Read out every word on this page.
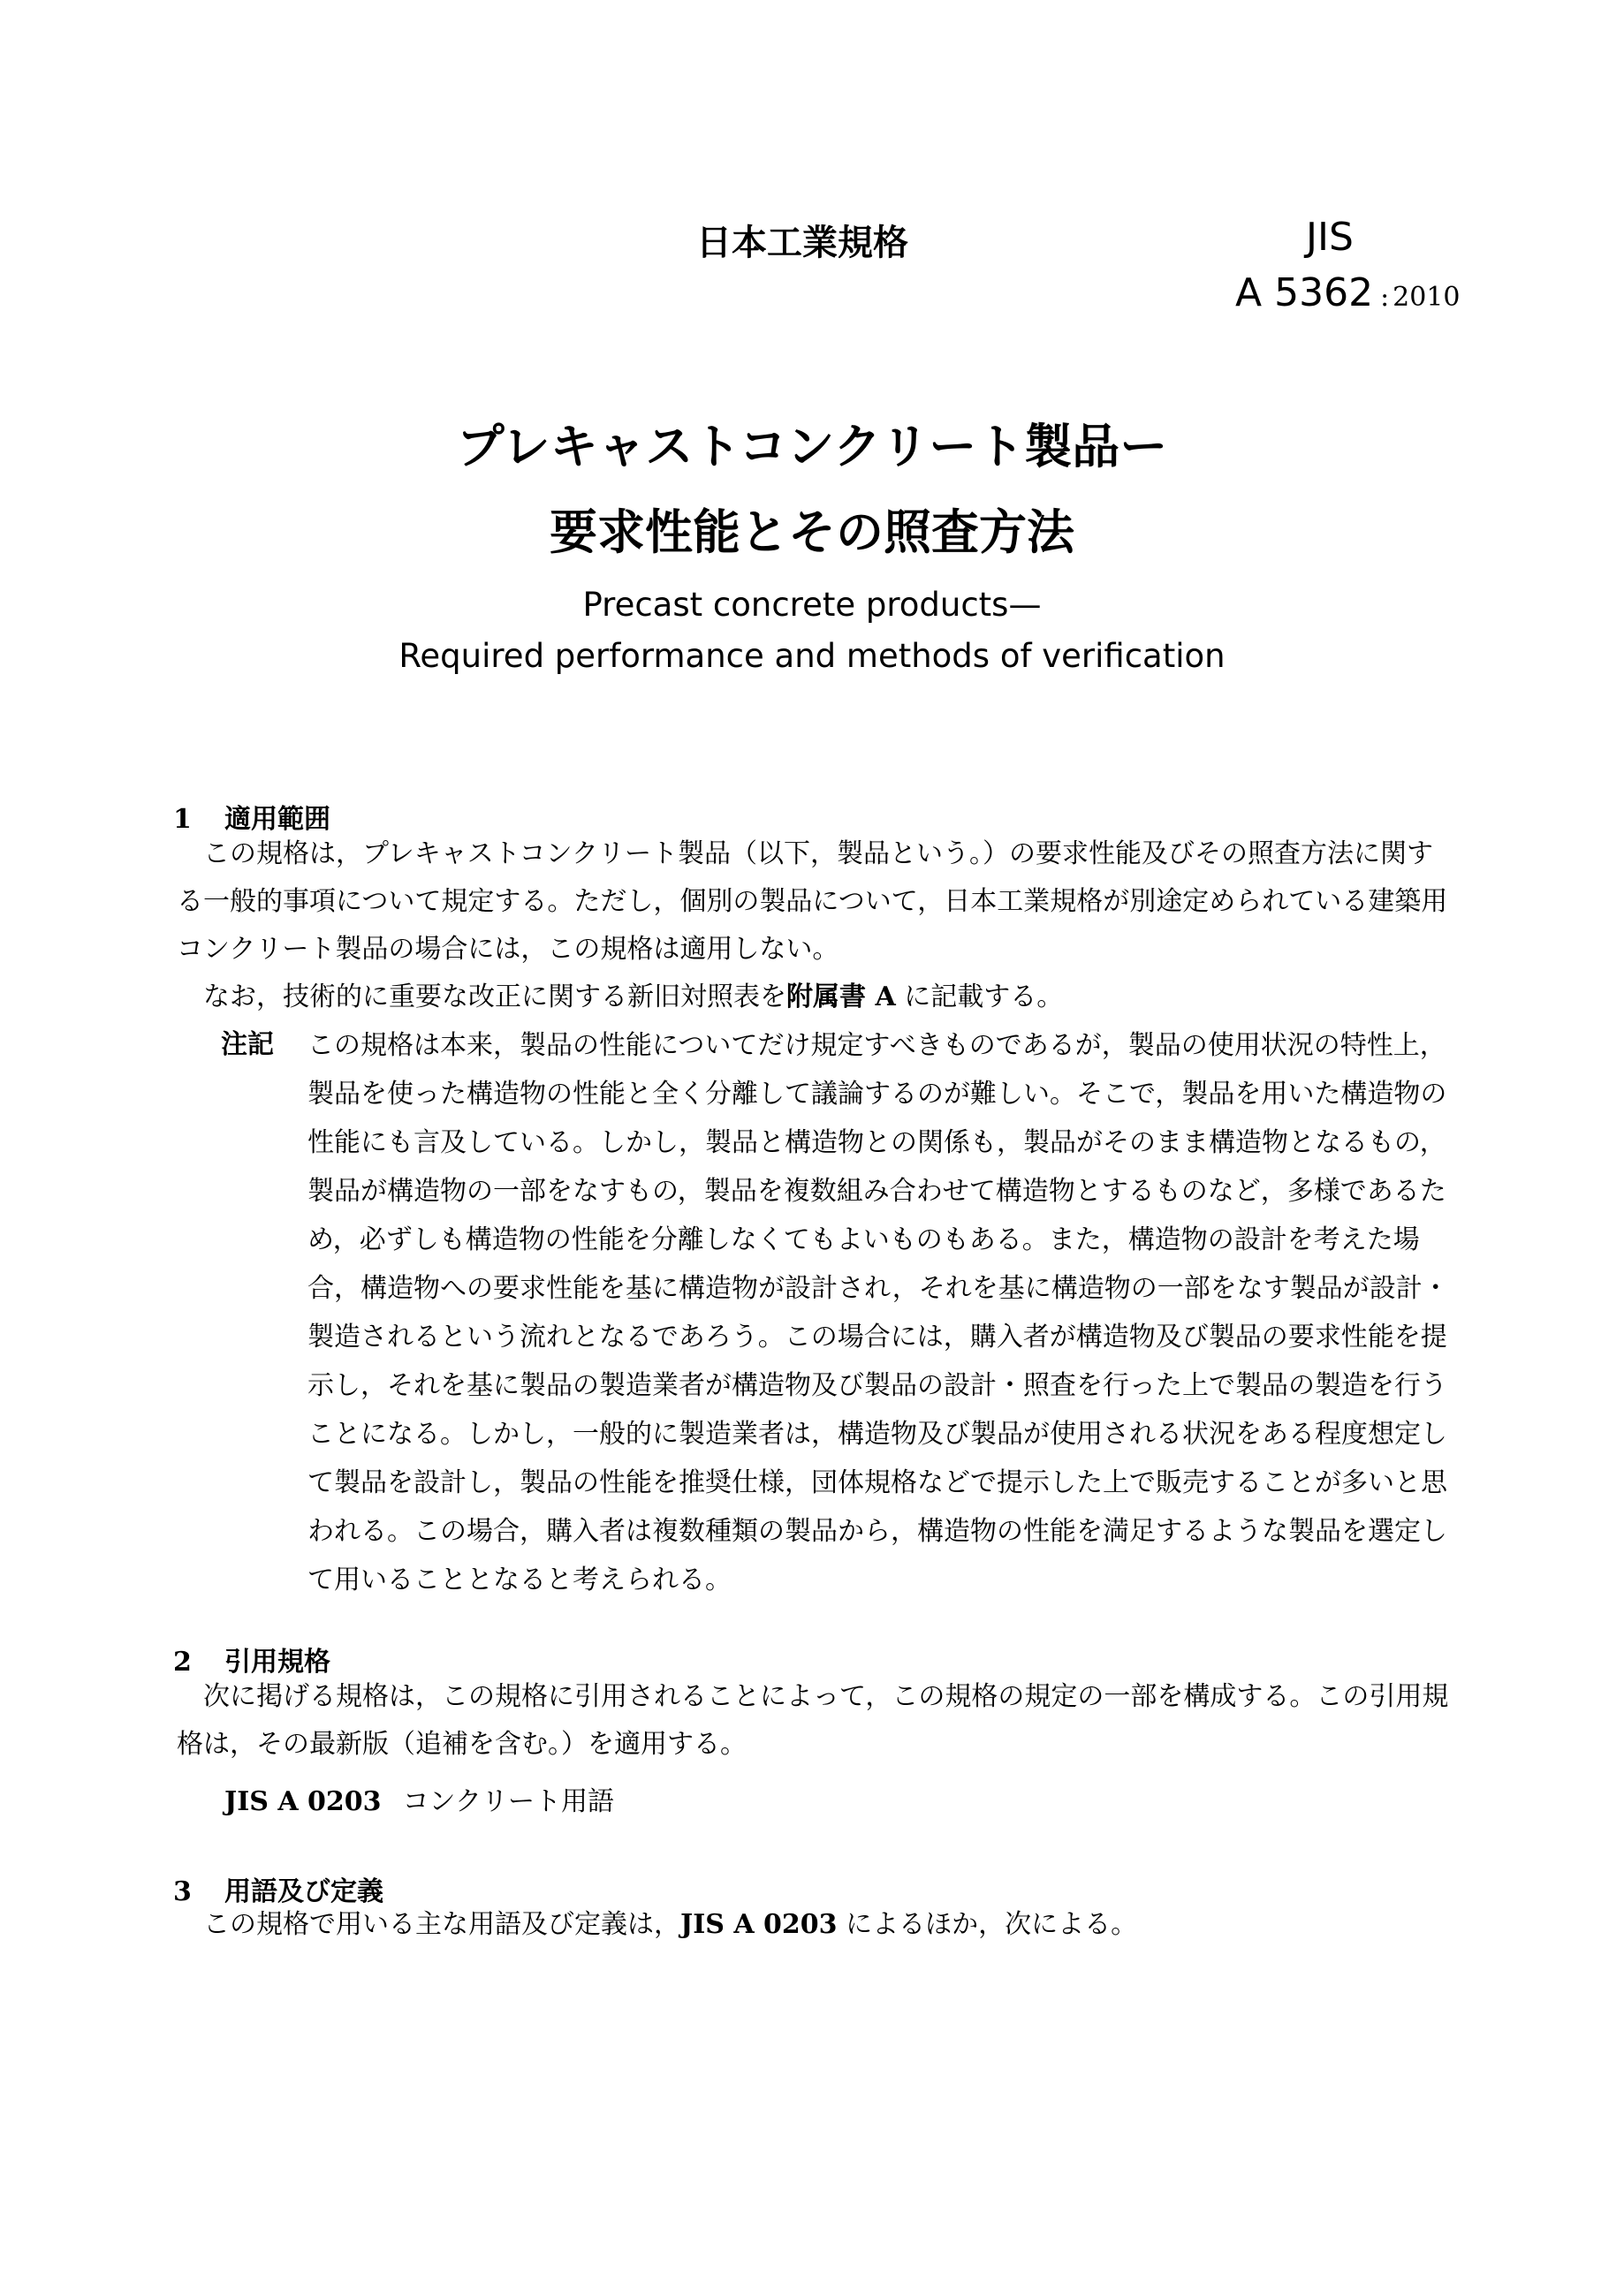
日本工業規格	JIS
A 5362 : 2010
プレキャストコンクリート製品ー
要求性能とその照査方法
Precast concrete products—
Required performance and methods of verification
1 適用範囲
この規格は，プレキャストコンクリート製品（以下，製品という。）の要求性能及びその照査方法に関する一般的事項について規定する。ただし，個別の製品について，日本工業規格が別途定められている建築用コンクリート製品の場合には，この規格は適用しない。
なお，技術的に重要な改正に関する新旧対照表を附属書 A に記載する。
注記 この規格は本来，製品の性能についてだけ規定すべきものであるが，製品の使用状況の特性上，製品を使った構造物の性能と全く分離して議論するのが難しい。そこで，製品を用いた構造物の性能にも言及している。しかし，製品と構造物との関係も，製品がそのまま構造物となるもの，製品が構造物の一部をなすもの，製品を複数組み合わせて構造物とするものなど，多様であるため，必ずしも構造物の性能を分離しなくてもよいものもある。また，構造物の設計を考えた場合，構造物への要求性能を基に構造物が設計され，それを基に構造物の一部をなす製品が設計・製造されるという流れとなるであろう。この場合には，購入者が構造物及び製品の要求性能を提示し，それを基に製品の製造業者が構造物及び製品の設計・照査を行った上で製品の製造を行うことになる。しかし，一般的に製造業者は，構造物及び製品が使用される状況をある程度想定して製品を設計し，製品の性能を推奨仕様，団体規格などで提示した上で販売することが多いと思われる。この場合，購入者は複数種類の製品から，構造物の性能を満足するような製品を選定して用いることとなると考えられる。
2 引用規格
次に掲げる規格は，この規格に引用されることによって，この規格の規定の一部を構成する。この引用規格は，その最新版（追補を含む。）を適用する。
JIS A 0203 コンクリート用語
3 用語及び定義
この規格で用いる主な用語及び定義は，JIS A 0203 によるほか，次による。
